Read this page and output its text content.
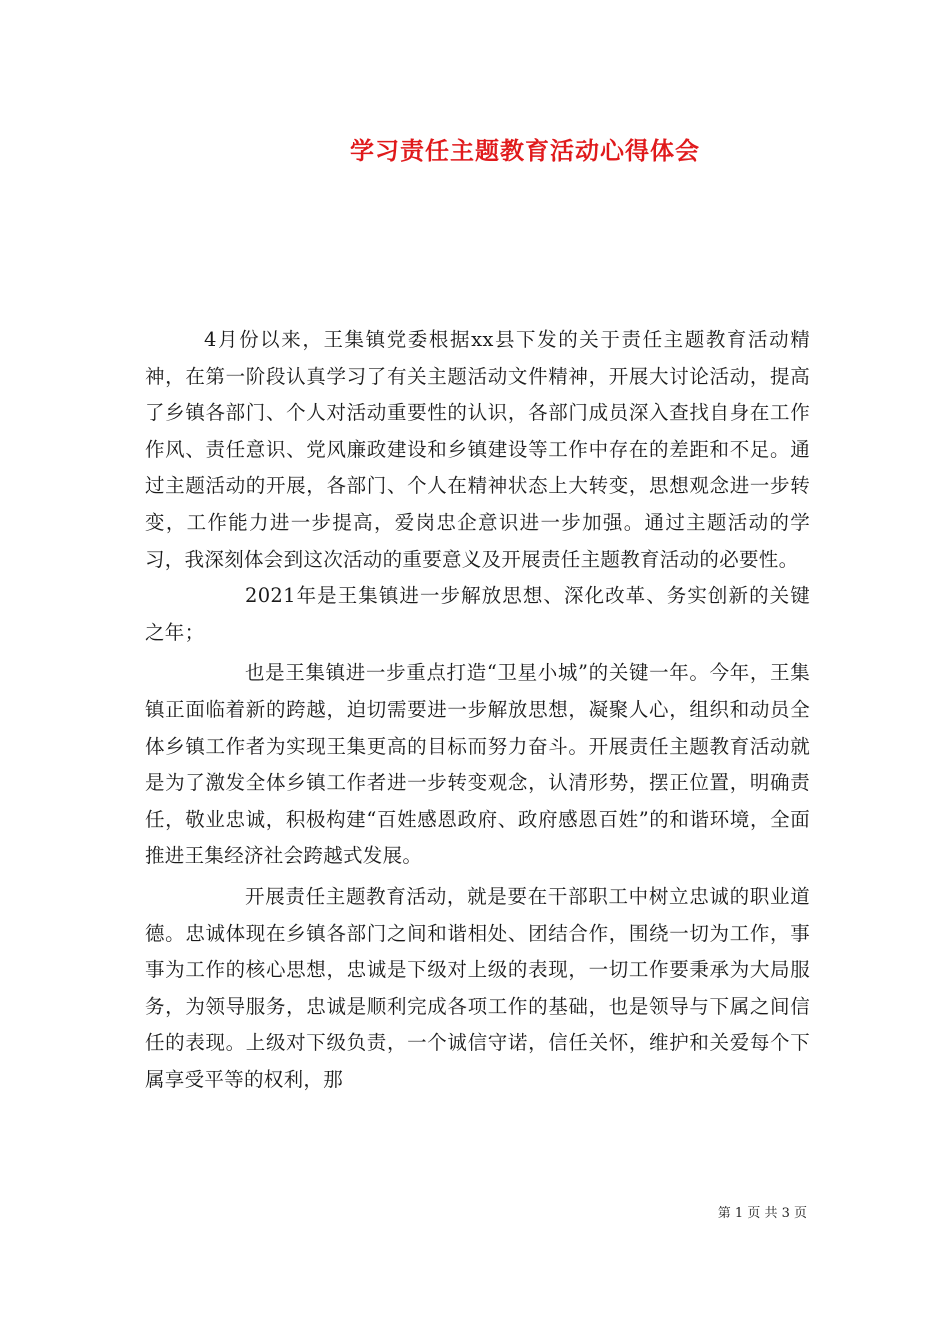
学习责任主题教育活动心得体会

4月份以来，王集镇党委根据xx县下发的关于责任主题教育活动精神，在第一阶段认真学习了有关主题活动文件精神，开展大讨论活动，提高了乡镇各部门、个人对活动重要性的认识，各部门成员深入查找自身在工作作风、责任意识、党风廉政建设和乡镇建设等工作中存在的差距和不足。通过主题活动的开展，各部门、个人在精神状态上大转变，思想观念进一步转变，工作能力进一步提高，爱岗忠企意识进一步加强。通过主题活动的学习，我深刻体会到这次活动的重要意义及开展责任主题教育活动的必要性。

2021年是王集镇进一步解放思想、深化改革、务实创新的关键之年；

也是王集镇进一步重点打造“卫星小城”的关键一年。今年，王集镇正面临着新的跨越，迫切需要进一步解放思想，凝聚人心，组织和动员全体乡镇工作者为实现王集更高的目标而努力奋斗。开展责任主题教育活动就是为了激发全体乡镇工作者进一步转变观念，认清形势，摆正位置，明确责任，敬业忠诚，积极构建“百姓感恩政府、政府感恩百姓”的和谐环境，全面推进王集经济社会跨越式发展。

开展责任主题教育活动，就是要在干部职工中树立忠诚的职业道德。忠诚体现在乡镇各部门之间和谐相处、团结合作，围绕一切为工作，事事为工作的核心思想，忠诚是下级对上级的表现，一切工作要秉承为大局服务，为领导服务，忠诚是顺利完成各项工作的基础，也是领导与下属之间信任的表现。上级对下级负责，一个诚信守诺，信任关怀，维护和关爱每个下属享受平等的权利，那

第 1 页 共 3 页
